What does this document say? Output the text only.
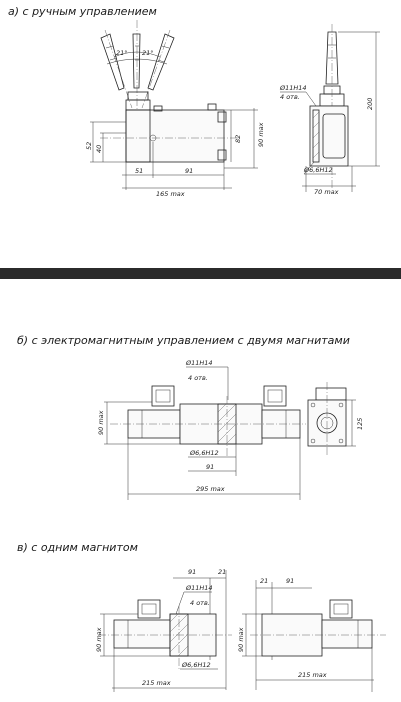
а) с ручным управлением
б) с электромагнитным управлением с двумя магнитами
в) с одним магнитом
21° 21°
52 40
82 90 max
51	91
165 max
200
Ø11Н14
4 отв.
Ø6,6Н12
70 max
Ø11Н14
4 отв.
90 max
Ø6,6Н12
91
295 max
125
91	21
Ø11Н14
4 отв.
90 max
Ø6,6Н12
215 max
21	91
90 max
215 max
